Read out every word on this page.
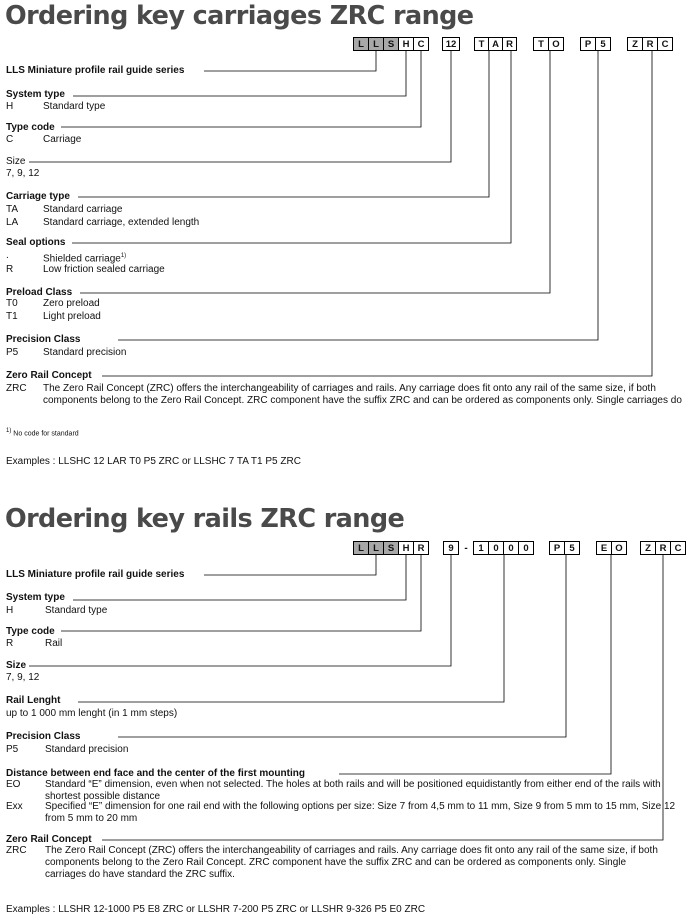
Ordering key carriages ZRC range
L L S H C	12	T A R	T O	P 5	Z R C
LLS Miniature profile rail guide series
System type
H	Standard type
Type code
C	Carriage
Size
7, 9, 12
Carriage type
TA Standard carriage
LA Standard carriage, extended length
Seal options
.	Shielded carriage$^{1)}$
R	Low friction sealed carriage
Preload Class
T0	Zero preload
T1	Light preload
Precision Class
P5 Standard precision
Zero Rail Concept
ZRC The Zero Rail Concept (ZRC) offers the interchangeability of carriages and rails. Any carriage does fit onto any rail of the same size, if both components belong to the Zero Rail Concept. ZRC component have the suffix ZRC and can be ordered as components only. Single carriages do
$^{1)}$ No code for standard
Examples : LLSHC 12 LAR T0 P5 ZRC or LLSHC 7 TA T1 P5 ZRC
Ordering key rails ZRC range
L L S H R	9	-	1	0	0	0	P 5	E O	Z R C
LLS Miniature profile rail guide series
System type
H	Standard type
Type code
R	Rail
Size
7, 9, 12
Rail Lenght
up to 1 000 mm lenght (in 1 mm steps)
Precision Class
P5	Standard precision
Distance between end face and the center of the first mounting
EO Standard “E” dimension, even when not selected. The holes at both rails and will be positioned equidistantly from either end of the rails with shortest possible distance
Exx Specified “E” dimension for one rail end with the following options per size: Size 7 from 4,5 mm to 11 mm, Size 9 from 5 mm to 15 mm, Size 12 from 5 mm to 20 mm
Zero Rail Concept
ZRC The Zero Rail Concept (ZRC) offers the interchangeability of carriages and rails. Any carriage does fit onto any rail of the same size, if both components belong to the Zero Rail Concept. ZRC component have the suffix ZRC and can be ordered as components only. Single carriages do have standard the ZRC suffix.
Examples : LLSHR 12-1000 P5 E8 ZRC or LLSHR 7-200 P5 ZRC or LLSHR 9-326 P5 E0 ZRC
